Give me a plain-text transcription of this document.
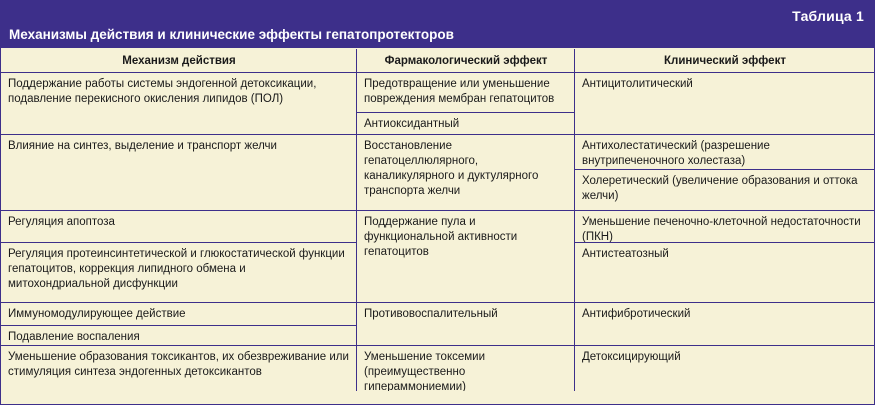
Таблица 1
Механизмы действия и клинические эффекты гепатопротекторов
Механизм действия	Фармакологический эффект	Клинический эффект
Поддержание работы системы эндогенной детоксикации, подавление перекисного окисления липидов (ПОЛ)
Влияние на синтез, выделение и транспорт желчи
Регуляция апоптоза
Регуляция протеинсинтетической и глюкостатической функции гепатоцитов, коррекция липидного обмена и митохондриальной дисфункции
Иммуномодулирующее действие
Подавление воспаления
Уменьшение образования токсикантов, их обезвреживание или стимуляция синтеза эндогенных детоксикантов
Предотвращение или уменьшение повреждения мембран гепатоцитов
Антиоксидантный
Восстановление гепатоцеллюлярного, каналикулярного и дуктулярного транспорта желчи
Поддержание пула и функциональной активности гепатоцитов
Противовоспалительный
Уменьшение токсемии (преимущественно гипераммониемии)
Антицитолитический
Антихолестатический (разрешение внутрипеченочного холестаза)
Холеретический (увеличение образования и оттока желчи)
Уменьшение печеночно-клеточной недостаточности (ПКН)
Антистеатозный
Антифибротический
Детоксицирующий
